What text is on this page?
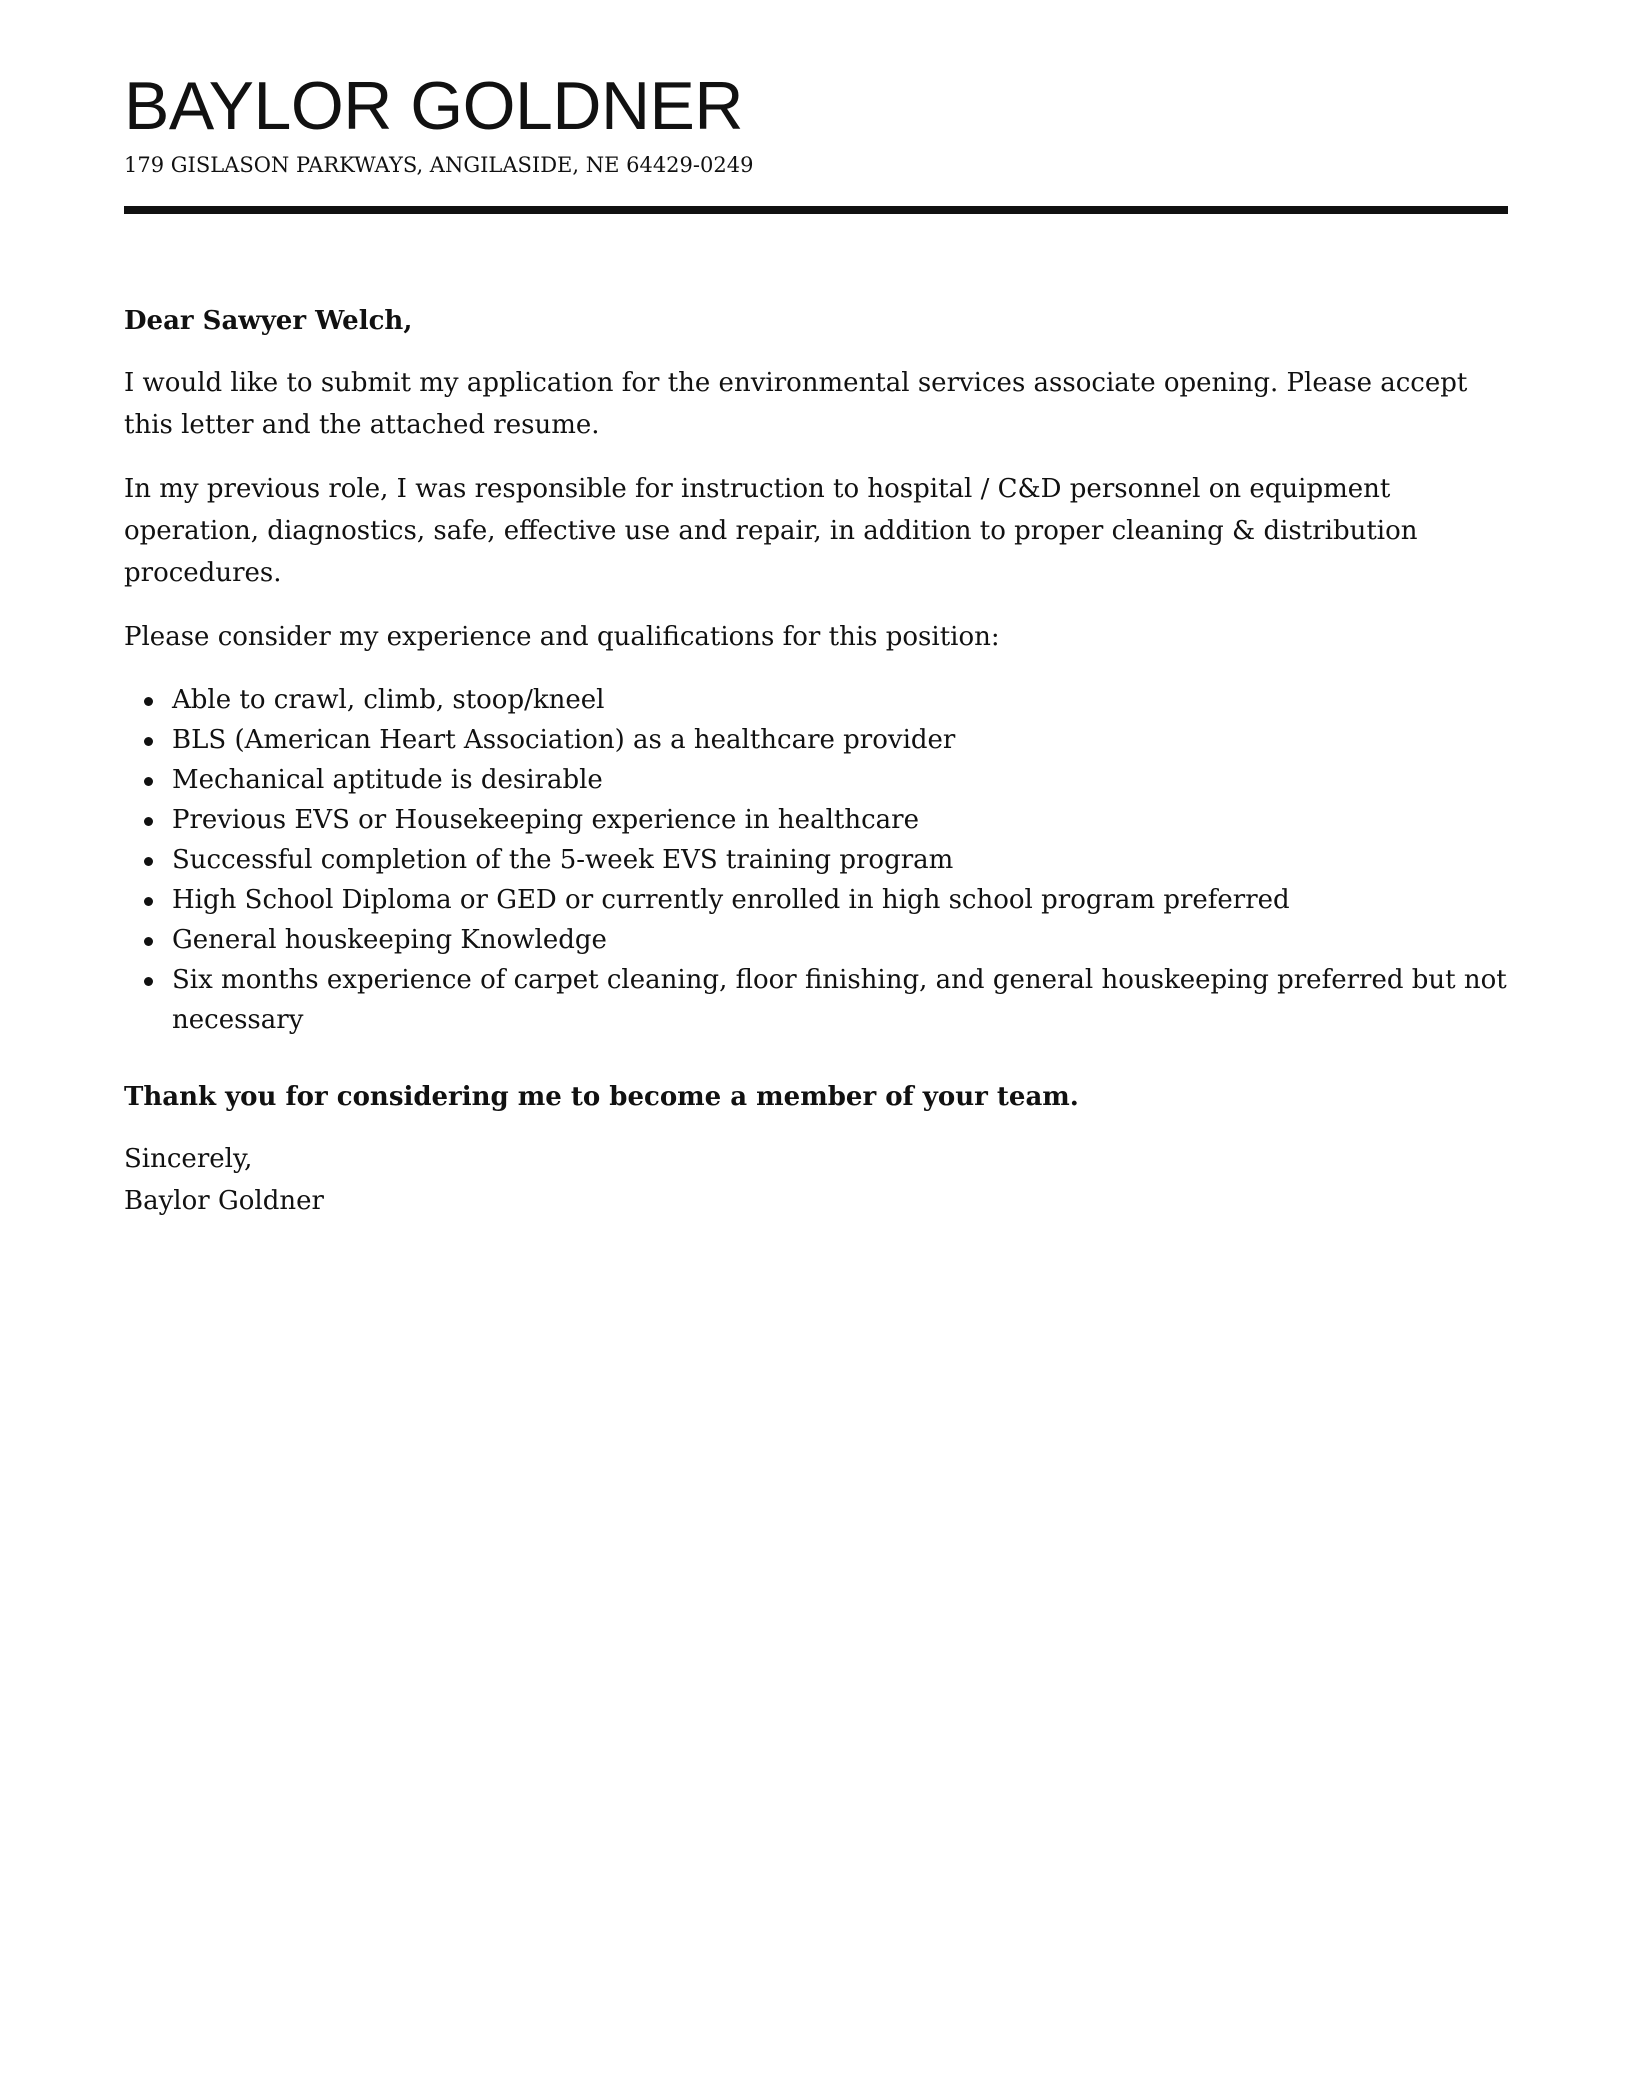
BAYLOR GOLDNER
179 GISLASON PARKWAYS, ANGILASIDE, NE 64429-0249

Dear Sawyer Welch,

I would like to submit my application for the environmental services associate opening. Please accept this letter and the attached resume.

In my previous role, I was responsible for instruction to hospital / C&D personnel on equipment operation, diagnostics, safe, effective use and repair, in addition to proper cleaning & distribution procedures.

Please consider my experience and qualifications for this position:

Able to crawl, climb, stoop/kneel
BLS (American Heart Association) as a healthcare provider
Mechanical aptitude is desirable
Previous EVS or Housekeeping experience in healthcare
Successful completion of the 5-week EVS training program
High School Diploma or GED or currently enrolled in high school program preferred
General houskeeping Knowledge
Six months experience of carpet cleaning, floor finishing, and general houskeeping preferred but not necessary

Thank you for considering me to become a member of your team.

Sincerely,
Baylor Goldner
